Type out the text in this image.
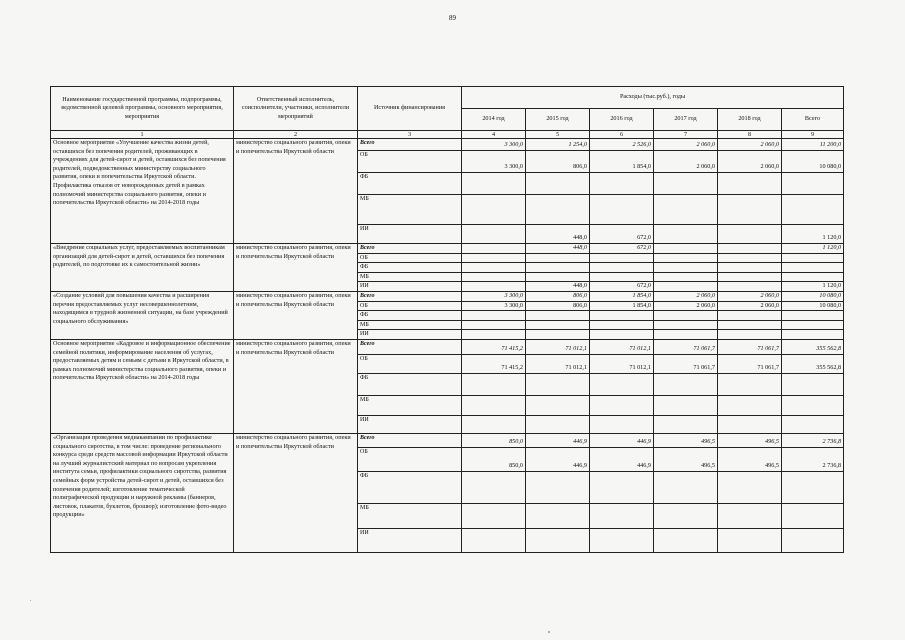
89
Наименование государственной программы, подпрограммы, ведомственной целевой программы, основного мероприятия, мероприятия	Ответственный исполнитель, соисполнители, участники, исполнители мероприятий	Источник финансирования	Расходы (тыс.руб.), годы					
			2014 год	2015 год	2016 год	2017 год	2018 год	Всего
1	2	3	4	5	6	7	8	9
Основное мероприятие «Улучшение качества жизни детей, оставшихся без попечения родителей, проживающих в учреждениях для детей-сирот и детей, оставшихся без попечения родителей, подведомственных министерству социального развития, опеки и попечительства Иркутской области. Профилактика отказов от новорожденных детей в рамках полномочий министерства социального развития, опеки и попечительства Иркутской области» на 2014-2018 годы	министерство социального развития, опеки и попечительства Иркутской области	Всего	3 300,0	1 254,0	2 526,0	2 060,0	2 060,0	11 200,0
		ОБ	3 300,0	806,0	1 854,0	2 060,0	2 060,0	10 080,0
		ФБ						
		МБ						
		ИИ		448,0	672,0			1 120,0
«Внедрение социальных услуг, предоставляемых воспитанникам организаций для детей-сирот и детей, оставшихся без попечения родителей, по подготовке их к самостоятельной жизни»	министерство социального развития, опеки и попечительства Иркутской области	Всего		448,0	672,0			1 120,0
		ОБ						
		ФБ						
		МБ						
		ИИ		448,0	672,0			1 120,0
«Создание условий для повышения качества и расширения перечня предоставляемых услуг несовершеннолетним, находящимся в трудной жизненной ситуации, на базе учреждений социального обслуживания»	министерство социального развития, опеки и попечительства Иркутской области	Всего	3 300,0	806,0	1 854,0	2 060,0	2 060,0	10 080,0
		ОБ	3 300,0	806,0	1 854,0	2 060,0	2 060,0	10 080,0
		ФБ						
		МБ						
		ИИ						
Основное мероприятие «Кадровое и информационное обеспечение семейной политики, информирование населения об услугах, предоставляемых детям и семьям с детьми в Иркутской области, в рамках полномочий министерства социального развития, опеки и попечительства Иркутской области» на 2014-2018 годы	министерство социального развития, опеки и попечительства Иркутской области	Всего	71 415,2	71 012,1	71 012,1	71 061,7	71 061,7	355 562,8
		ОБ	71 415,2	71 012,1	71 012,1	71 061,7	71 061,7	355 562,8
		ФБ						
		МБ						
		ИИ						
«Организация проведения медиакампании по профилактике социального сиротства, в том числе: проведение регионального конкурса среди средств массовой информации Иркутской области на лучший журналистский материал по вопросам укрепления института семьи, профилактики социального сиротства, развития семейных форм устройства детей-сирот и детей, оставшихся без попечения родителей; изготовление тематической полиграфической продукции и наружной рекламы (баннеров, листовок, плакатов, буклетов, брошюр); изготовление фото-видео продукции»	министерство социального развития, опеки и попечительства Иркутской области	Всего	850,0	446,9	446,9	496,5	496,5	2 736,8
		ОБ	850,0	446,9	446,9	496,5	496,5	2 736,8
		ФБ						
		МБ						
		ИИ						
